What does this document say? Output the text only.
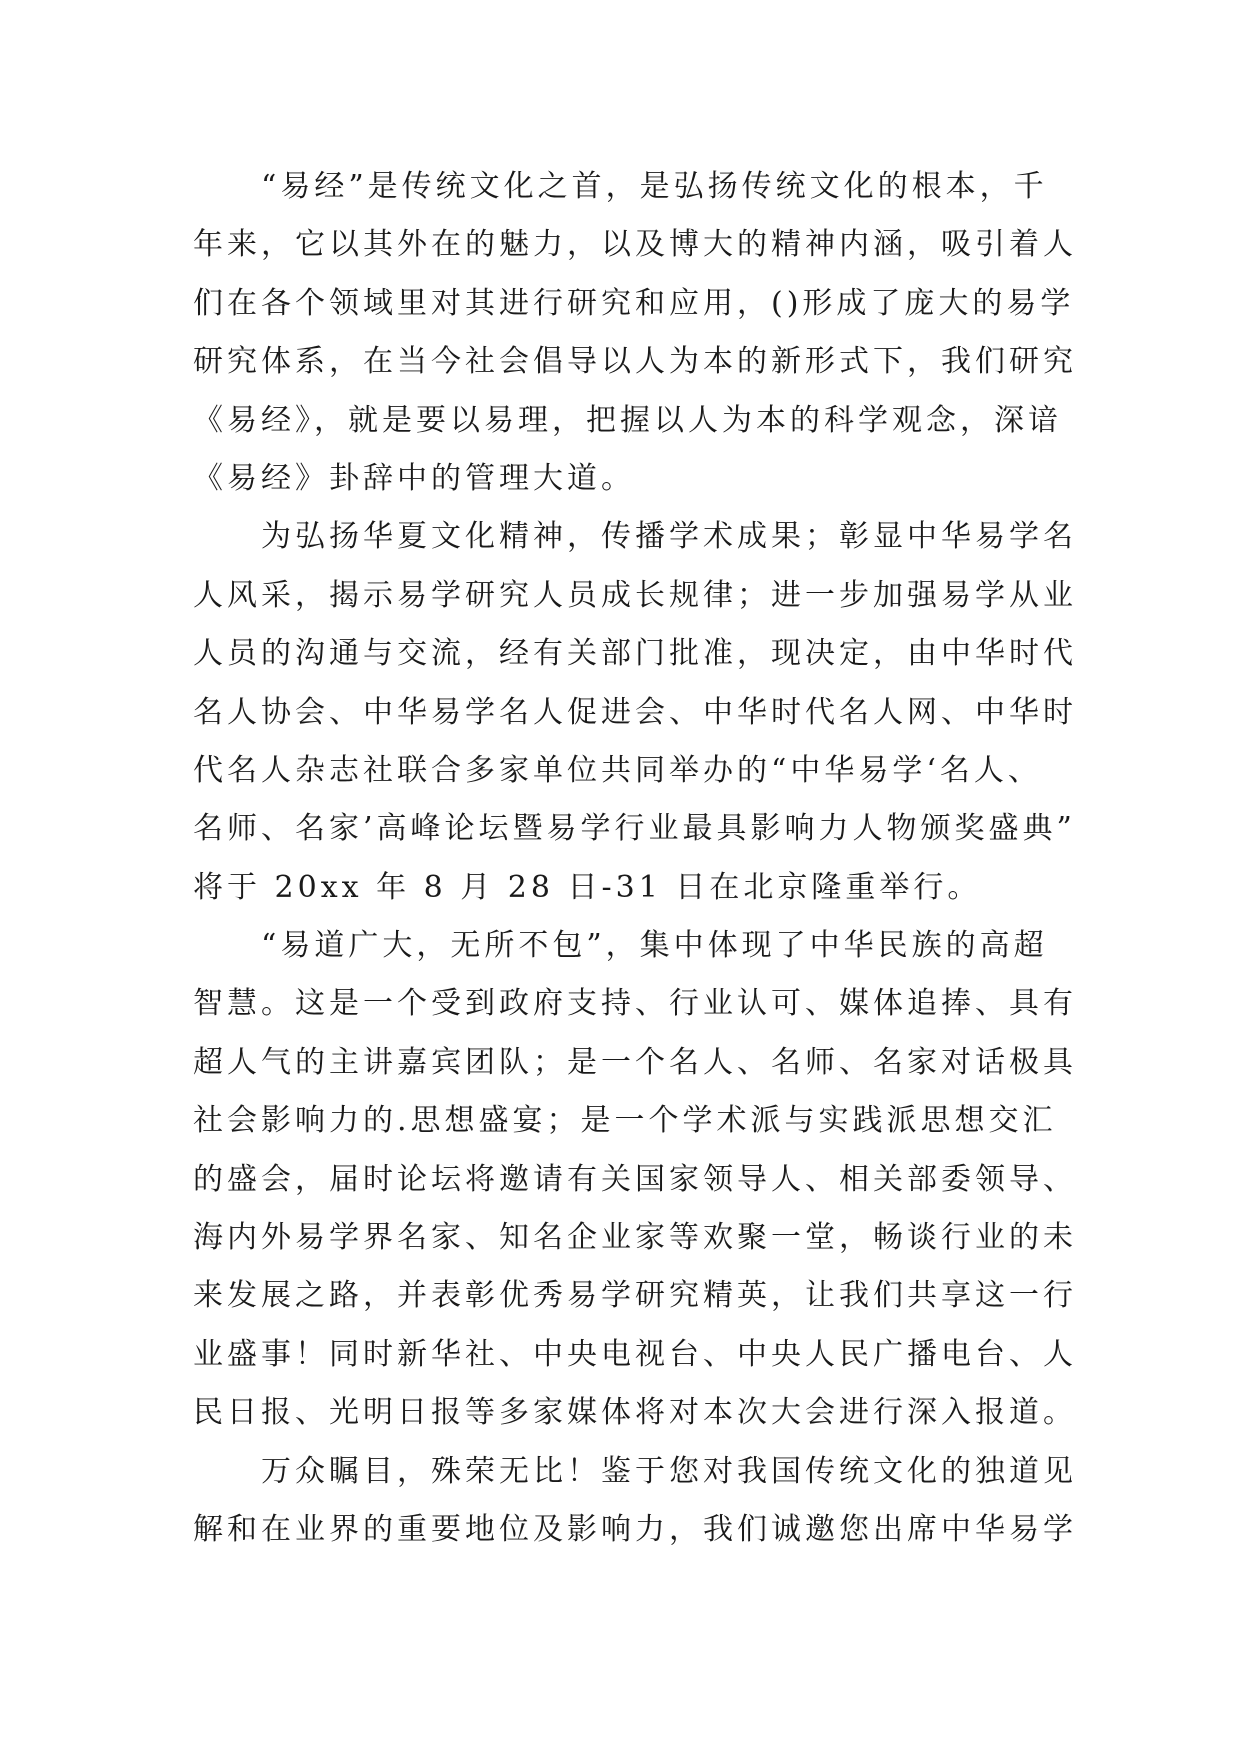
“易经”是传统文化之首，是弘扬传统文化的根本，千
年来，它以其外在的魅力，以及博大的精神内涵，吸引着人
们在各个领域里对其进行研究和应用，()形成了庞大的易学
研究体系，在当今社会倡导以人为本的新形式下，我们研究
《易经》，就是要以易理，把握以人为本的科学观念，深谙
《易经》卦辞中的管理大道。
为弘扬华夏文化精神，传播学术成果；彰显中华易学名
人风采，揭示易学研究人员成长规律；进一步加强易学从业
人员的沟通与交流，经有关部门批准，现决定，由中华时代
名人协会、中华易学名人促进会、中华时代名人网、中华时
代名人杂志社联合多家单位共同举办的“中华易学‘名人、
名师、名家’高峰论坛暨易学行业最具影响力人物颁奖盛典”
将于 20xx 年 8 月 28 日-31 日在北京隆重举行。
“易道广大，无所不包”，集中体现了中华民族的高超
智慧。这是一个受到政府支持、行业认可、媒体追捧、具有
超人气的主讲嘉宾团队；是一个名人、名师、名家对话极具
社会影响力的.思想盛宴；是一个学术派与实践派思想交汇
的盛会，届时论坛将邀请有关国家领导人、相关部委领导、
海内外易学界名家、知名企业家等欢聚一堂，畅谈行业的未
来发展之路，并表彰优秀易学研究精英，让我们共享这一行
业盛事！同时新华社、中央电视台、中央人民广播电台、人
民日报、光明日报等多家媒体将对本次大会进行深入报道。
万众瞩目，殊荣无比！鉴于您对我国传统文化的独道见
解和在业界的重要地位及影响力，我们诚邀您出席中华易学
